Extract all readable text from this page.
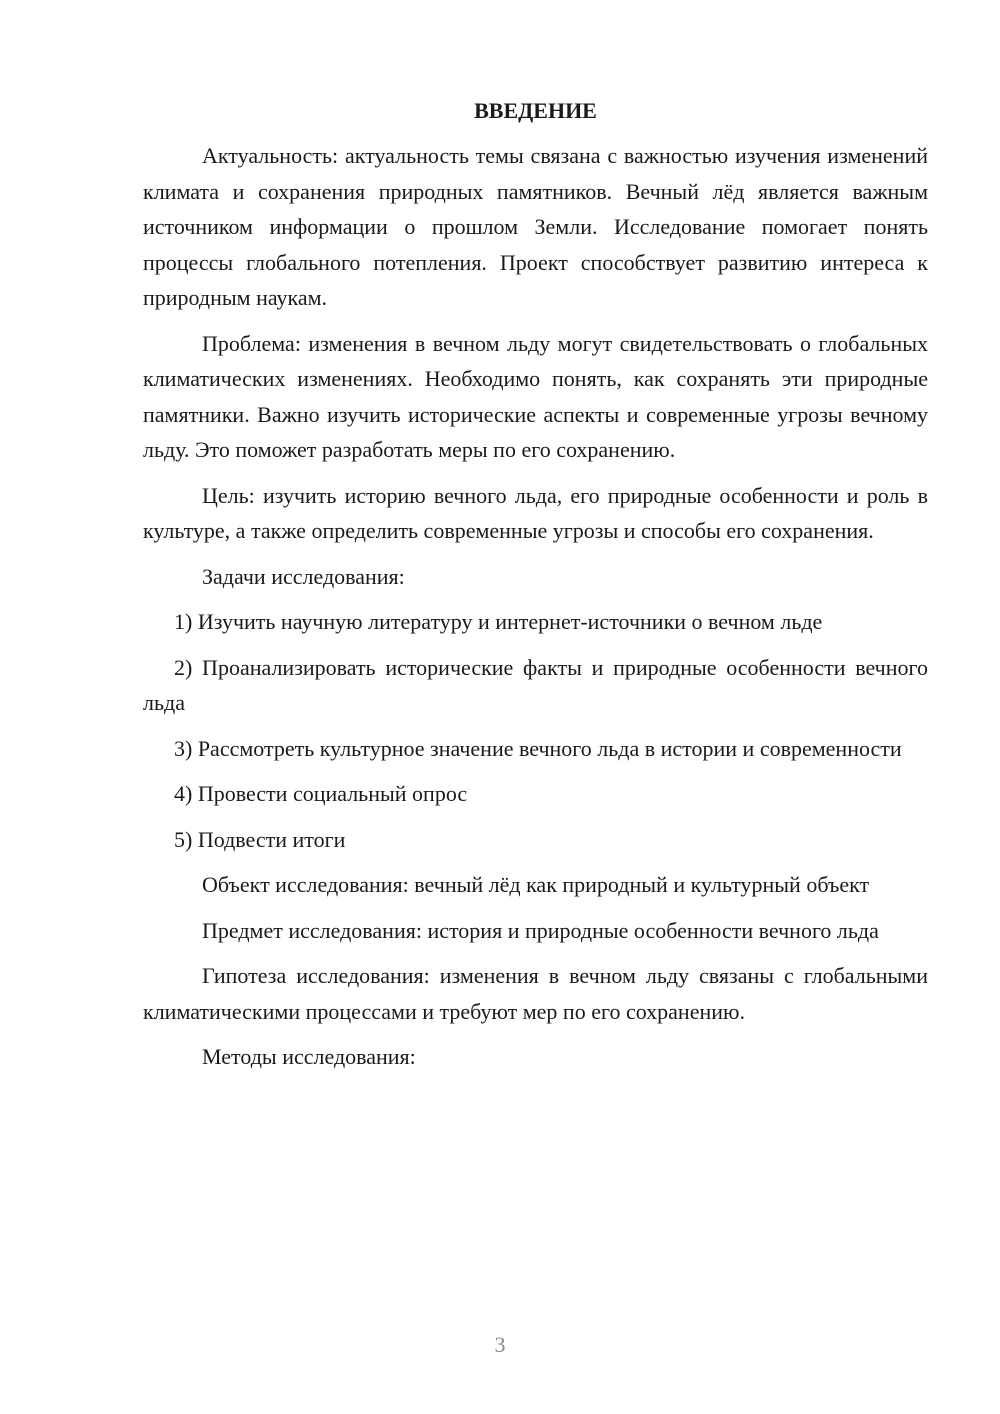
ВВЕДЕНИЕ

Актуальность: актуальность темы связана с важностью изучения изменений климата и сохранения природных памятников. Вечный лёд является важным источником информации о прошлом Земли. Исследование помогает понять процессы глобального потепления. Проект способствует развитию интереса к природным наукам.

Проблема: изменения в вечном льду могут свидетельствовать о глобальных климатических изменениях. Необходимо понять, как сохранять эти природные памятники. Важно изучить исторические аспекты и современные угрозы вечному льду. Это поможет разработать меры по его сохранению.

Цель: изучить историю вечного льда, его природные особенности и роль в культуре, а также определить современные угрозы и способы его сохранения.

Задачи исследования:

1) Изучить научную литературу и интернет-источники о вечном льде

2) Проанализировать исторические факты и природные особенности вечного льда

3) Рассмотреть культурное значение вечного льда в истории и современности

4) Провести социальный опрос

5) Подвести итоги

Объект исследования: вечный лёд как природный и культурный объект

Предмет исследования: история и природные особенности вечного льда

Гипотеза исследования: изменения в вечном льду связаны с глобальными климатическими процессами и требуют мер по его сохранению.

Методы исследования:

3
